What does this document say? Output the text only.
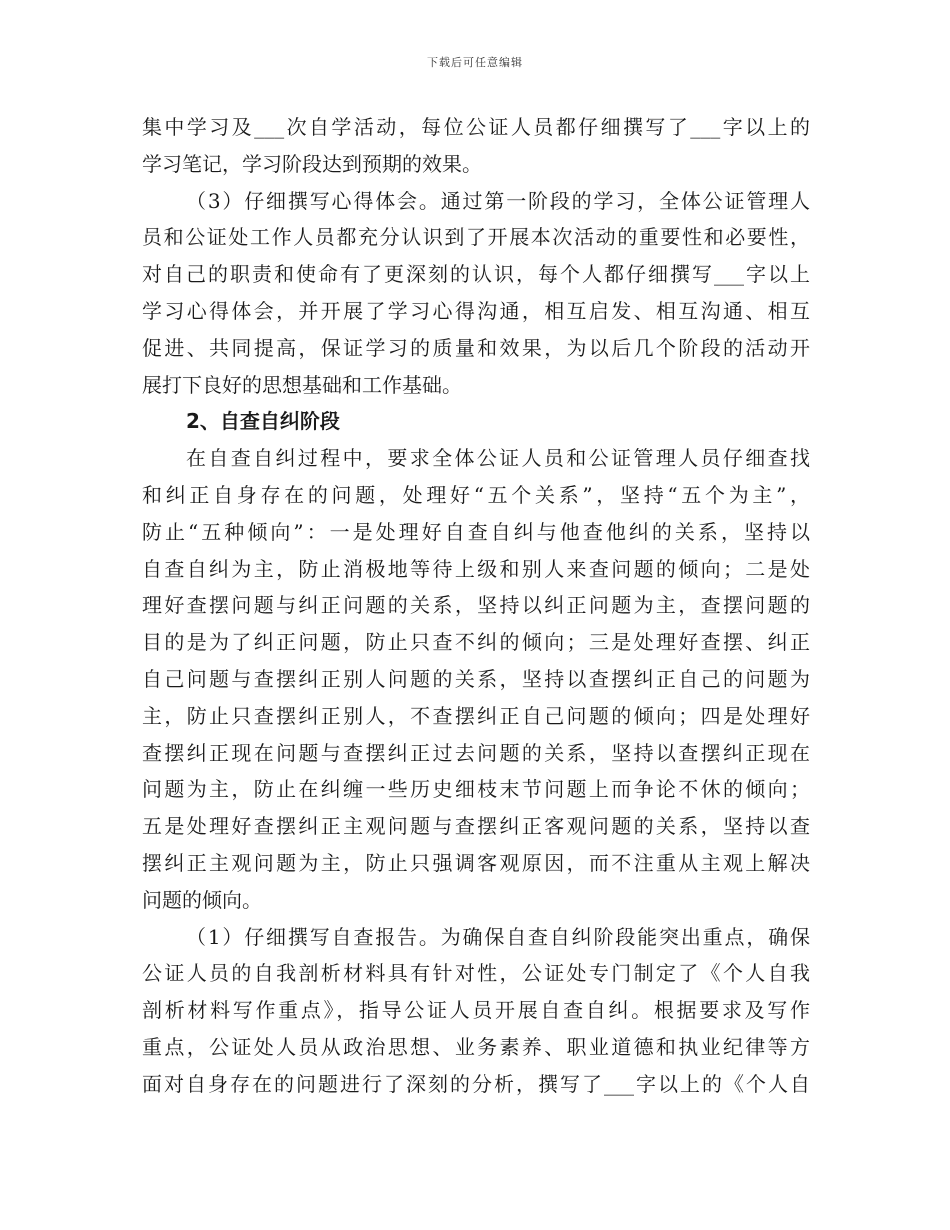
下载后可任意编辑
集中学习及___次自学活动，每位公证人员都仔细撰写了___字以上的
学习笔记，学习阶段达到预期的效果。
（3）仔细撰写心得体会。通过第一阶段的学习，全体公证管理人
员和公证处工作人员都充分认识到了开展本次活动的重要性和必要性，
对自己的职责和使命有了更深刻的认识，每个人都仔细撰写___字以上
学习心得体会，并开展了学习心得沟通，相互启发、相互沟通、相互
促进、共同提高，保证学习的质量和效果，为以后几个阶段的活动开
展打下良好的思想基础和工作基础。
2、自查自纠阶段
在自查自纠过程中，要求全体公证人员和公证管理人员仔细查找
和纠正自身存在的问题，处理好“五个关系”，坚持“五个为主”，
防止“五种倾向”：一是处理好自查自纠与他查他纠的关系，坚持以
自查自纠为主，防止消极地等待上级和别人来查问题的倾向；二是处
理好查摆问题与纠正问题的关系，坚持以纠正问题为主，查摆问题的
目的是为了纠正问题，防止只查不纠的倾向；三是处理好查摆、纠正
自己问题与查摆纠正别人问题的关系，坚持以查摆纠正自己的问题为
主，防止只查摆纠正别人，不查摆纠正自己问题的倾向；四是处理好
查摆纠正现在问题与查摆纠正过去问题的关系，坚持以查摆纠正现在
问题为主，防止在纠缠一些历史细枝末节问题上而争论不休的倾向；
五是处理好查摆纠正主观问题与查摆纠正客观问题的关系，坚持以查
摆纠正主观问题为主，防止只强调客观原因，而不注重从主观上解决
问题的倾向。
（1）仔细撰写自查报告。为确保自查自纠阶段能突出重点，确保
公证人员的自我剖析材料具有针对性，公证处专门制定了《个人自我
剖析材料写作重点》，指导公证人员开展自查自纠。根据要求及写作
重点，公证处人员从政治思想、业务素养、职业道德和执业纪律等方
面对自身存在的问题进行了深刻的分析，撰写了___字以上的《个人自
